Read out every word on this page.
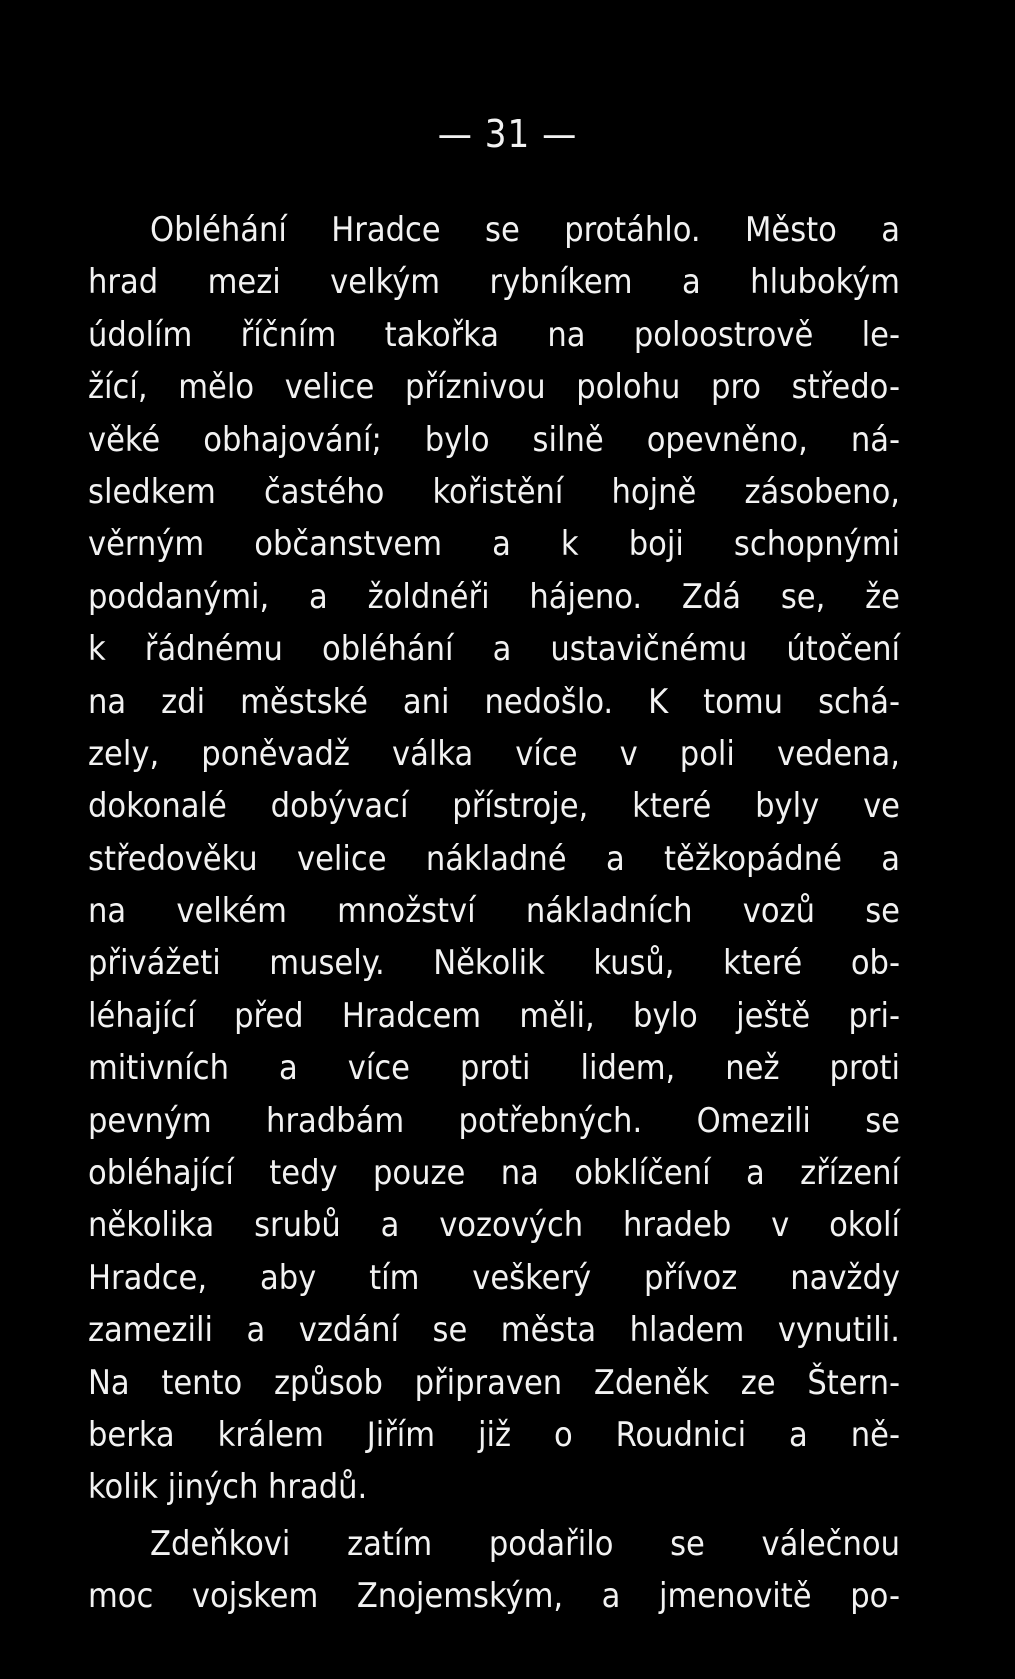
— 31 —
Obléhání Hradce se protáhlo. Město a
hrad mezi velkým rybníkem a hlubokým
údolím říčním takořka na poloostrově le-
žící, mělo velice příznivou polohu pro středo-
věké obhajování; bylo silně opevněno, ná-
sledkem častého kořistění hojně zásobeno,
věrným občanstvem a k boji schopnými
poddanými, a žoldnéři hájeno. Zdá se, že
k řádnému obléhání a ustavičnému útočení
na zdi městské ani nedošlo. K tomu schá-
zely, poněvadž válka více v poli vedena,
dokonalé dobývací přístroje, které byly ve
středověku velice nákladné a těžkopádné a
na velkém množství nákladních vozů se
přivážeti musely. Několik kusů, které ob-
léhající před Hradcem měli, bylo ještě pri-
mitivních a více proti lidem, než proti
pevným hradbám potřebných. Omezili se
obléhající tedy pouze na obklíčení a zřízení
několika srubů a vozových hradeb v okolí
Hradce, aby tím veškerý přívoz navždy
zamezili a vzdání se města hladem vynutili.
Na tento způsob připraven Zdeněk ze Štern-
berka králem Jiřím již o Roudnici a ně-
kolik jiných hradů.
Zdeňkovi zatím podařilo se válečnou
moc vojskem Znojemským, a jmenovitě po-
